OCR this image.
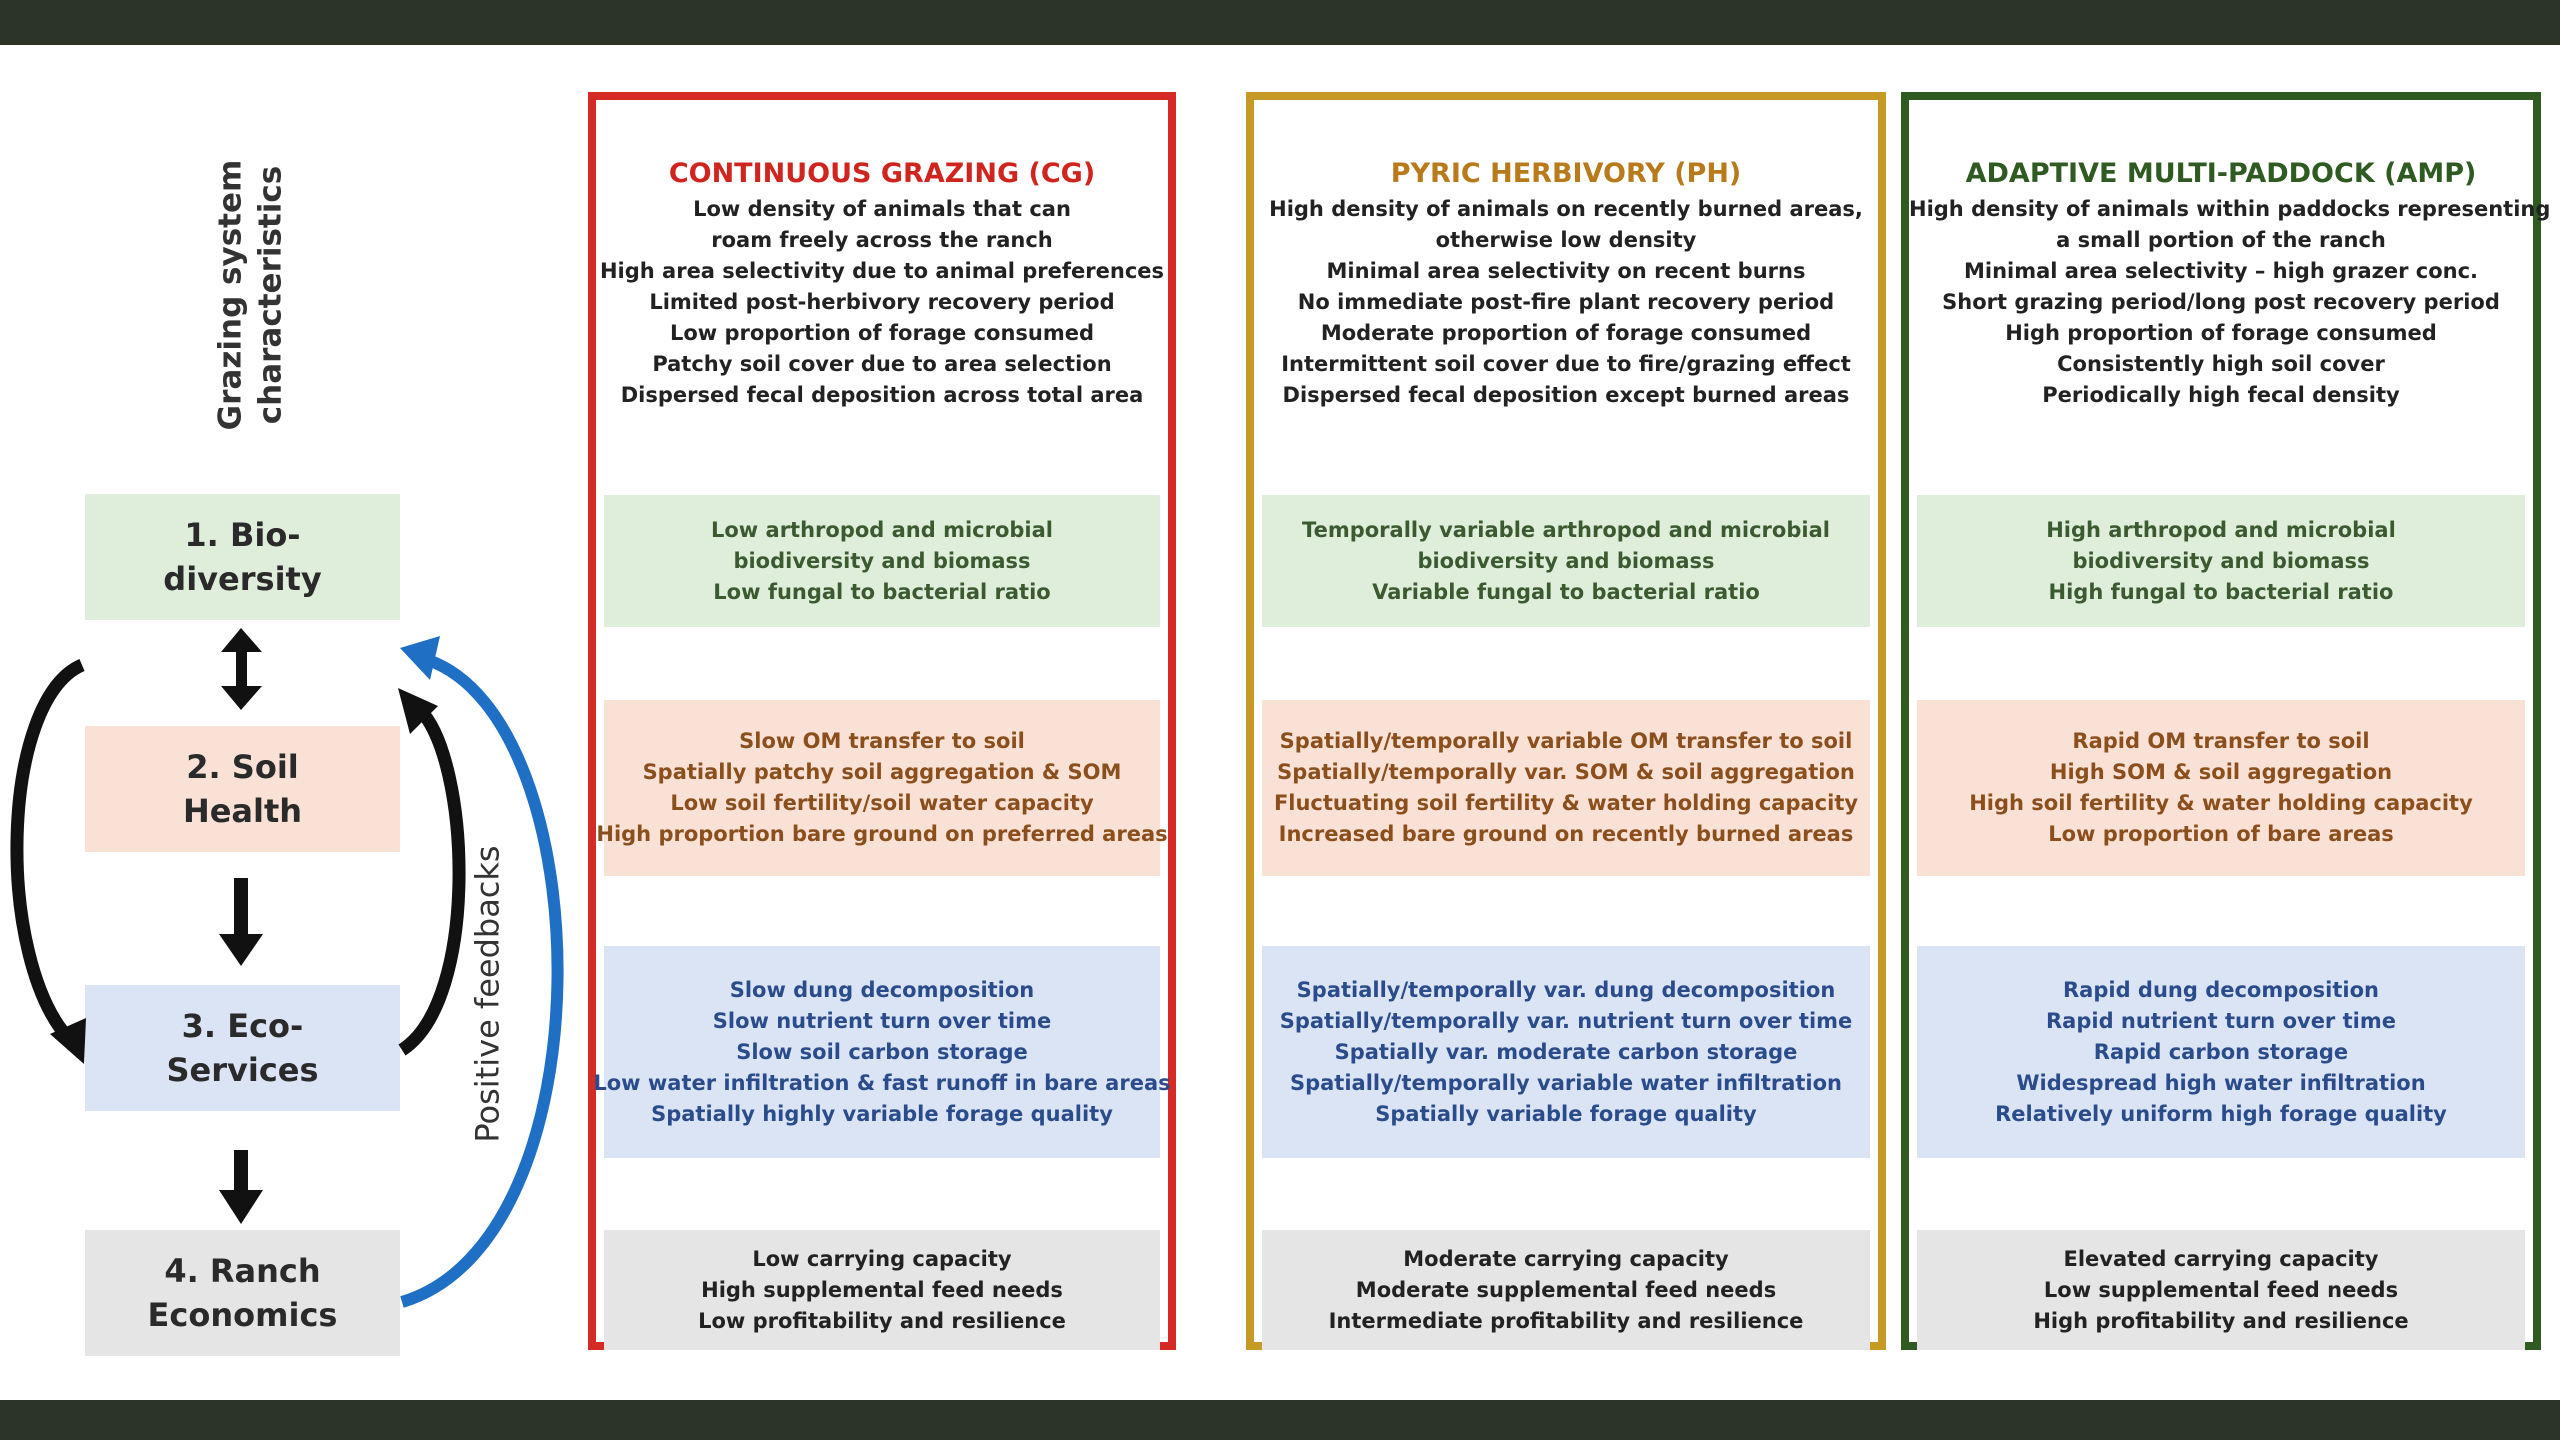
Grazing system characteristics
1. Bio-
diversity
2. Soil
Health
3. Eco-
Services
4. Ranch
Economics
Positive feedbacks
CONTINUOUS GRAZING (CG)
Low density of animals that can
roam freely across the ranch
High area selectivity due to animal preferences
Limited post-herbivory recovery period
Low proportion of forage consumed
Patchy soil cover due to area selection
Dispersed fecal deposition across total area
Low arthropod and microbial
biodiversity and biomass
Low fungal to bacterial ratio
Slow OM transfer to soil
Spatially patchy soil aggregation & SOM
Low soil fertility/soil water capacity
High proportion bare ground on preferred areas
Slow dung decomposition
Slow nutrient turn over time
Slow soil carbon storage
Low water infiltration & fast runoff in bare areas
Spatially highly variable forage quality
Low carrying capacity
High supplemental feed needs
Low profitability and resilience
PYRIC HERBIVORY (PH)
High density of animals on recently burned areas,
otherwise low density
Minimal area selectivity on recent burns
No immediate post-fire plant recovery period
Moderate proportion of forage consumed
Intermittent soil cover due to fire/grazing effect
Dispersed fecal deposition except burned areas
Temporally variable arthropod and microbial
biodiversity and biomass
Variable fungal to bacterial ratio
Spatially/temporally variable OM transfer to soil
Spatially/temporally var. SOM & soil aggregation
Fluctuating soil fertility & water holding capacity
Increased bare ground on recently burned areas
Spatially/temporally var. dung decomposition
Spatially/temporally var. nutrient turn over time
Spatially var. moderate carbon storage
Spatially/temporally variable water infiltration
Spatially variable forage quality
Moderate carrying capacity
Moderate supplemental feed needs
Intermediate profitability and resilience
ADAPTIVE MULTI-PADDOCK (AMP)
High density of animals within paddocks representing
a small portion of the ranch
Minimal area selectivity – high grazer conc.
Short grazing period/long post recovery period
High proportion of forage consumed
Consistently high soil cover
Periodically high fecal density
High arthropod and microbial
biodiversity and biomass
High fungal to bacterial ratio
Rapid OM transfer to soil
High SOM & soil aggregation
High soil fertility & water holding capacity
Low proportion of bare areas
Rapid dung decomposition
Rapid nutrient turn over time
Rapid carbon storage
Widespread high water infiltration
Relatively uniform high forage quality
Elevated carrying capacity
Low supplemental feed needs
High profitability and resilience
